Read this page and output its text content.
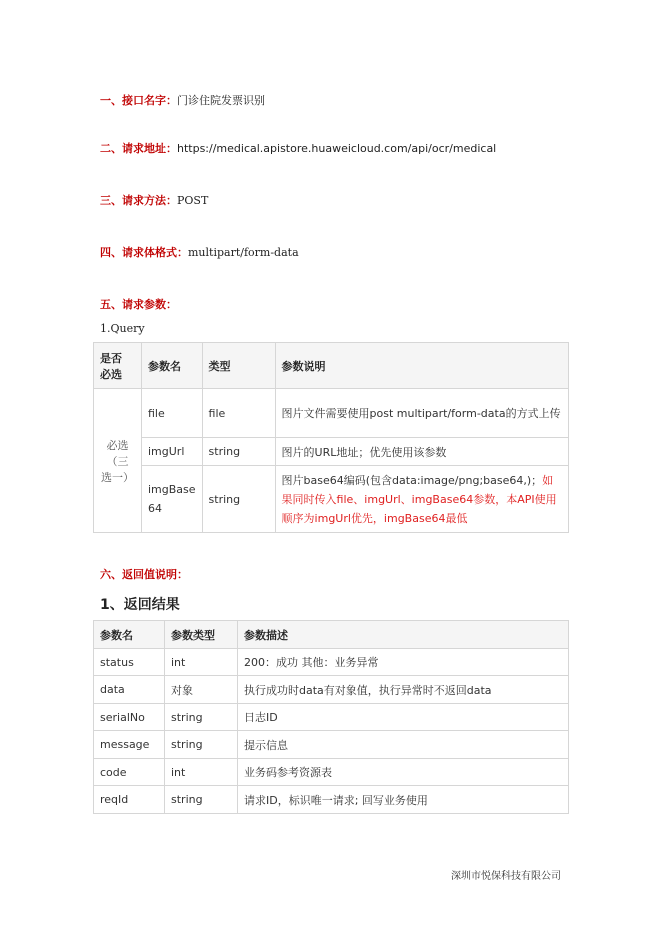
一、接口名字：门诊住院发票识别
二、请求地址：https://medical.apistore.huaweicloud.com/api/ocr/medical
三、请求方法：POST
四、请求体格式：multipart/form-data
五、请求参数：
1.Query
是否
必选	参数名	类型	参数说明

必选
（三
选一）	file	file	图片文件需要使用post multipart/form-data的方式上传
	imgUrl	string	图片的URL地址；优先使用该参数

	imgBase
64	string	图片base64编码(包含data:image/png;base64,)；如果同时传入file、imgUrl、imgBase64参数，本API使用顺序为imgUrl优先，imgBase64最低
六、返回值说明：
1、返回结果
参数名	参数类型	参数描述
status	int	200：成功 其他：业务异常
data	对象	执行成功时data有对象值，执行异常时不返回data
serialNo	string	日志ID
message	string	提示信息
code	int	业务码参考资源表
reqId	string	请求ID，标识唯一请求; 回写业务使用
深圳市悦保科技有限公司
